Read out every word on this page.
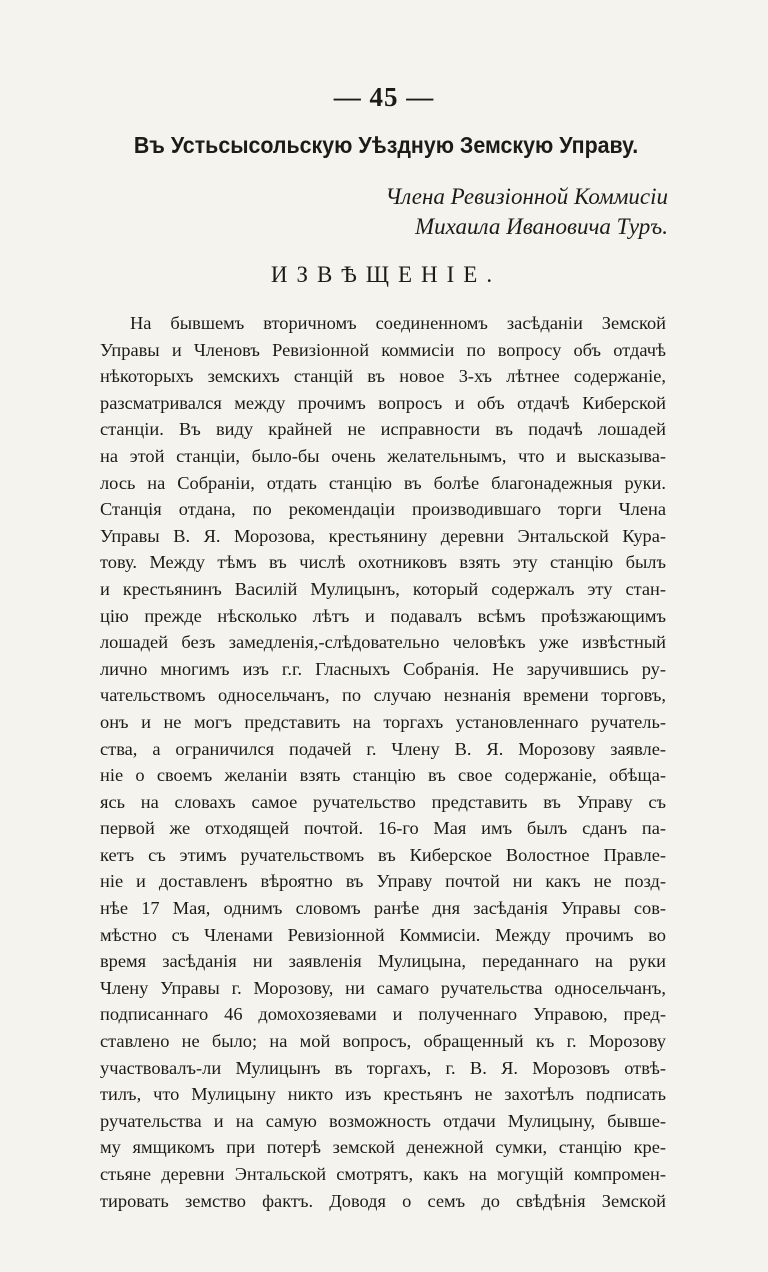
— 45 —
Въ Устьсысольскую Уѣздную Земскую Управу.
Члена Ревизіонной Коммисіи
Михаила Ивановича Туръ.
ИЗВѢЩЕНІЕ.
На бывшемъ вторичномъ соединенномъ засѣданіи Земской
Управы и Членовъ Ревизіонной коммисіи по вопросу объ отдачѣ
нѣкоторыхъ земскихъ станцій въ новое 3-хъ лѣтнее содержаніе,
разсматривался между прочимъ вопросъ и объ отдачѣ Киберской
станціи. Въ виду крайней не исправности въ подачѣ лошадей
на этой станціи, было-бы очень желательнымъ, что и высказыва-
лось на Собраніи, отдать станцію въ болѣе благонадежныя руки.
Станція отдана, по рекомендаціи производившаго торги Члена
Управы В. Я. Морозова, крестьянину деревни Энтальской Кура-
тову. Между тѣмъ въ числѣ охотниковъ взять эту станцію былъ
и крестьянинъ Василій Мулицынъ, который содержалъ эту стан-
цію прежде нѣсколько лѣтъ и подавалъ всѣмъ проѣзжающимъ
лошадей безъ замедленія,-слѣдовательно человѣкъ уже извѣстный
лично многимъ изъ г.г. Гласныхъ Собранія. Не заручившись ру-
чательствомъ односельчанъ, по случаю незнанія времени торговъ,
онъ и не могъ представить на торгахъ установленнаго ручатель-
ства, а ограничился подачей г. Члену В. Я. Морозову заявле-
ніе о своемъ желаніи взять станцію въ свое содержаніе, обѣща-
ясь на словахъ самое ручательство представить въ Управу съ
первой же отходящей почтой. 16-го Мая имъ былъ сданъ па-
кетъ съ этимъ ручательствомъ въ Киберское Волостное Правле-
ніе и доставленъ вѣроятно въ Управу почтой ни какъ не позд-
нѣе 17 Мая, однимъ словомъ ранѣе дня засѣданія Управы сов-
мѣстно съ Членами Ревизіонной Коммисіи. Между прочимъ во
время засѣданія ни заявленія Мулицына, переданнаго на руки
Члену Управы г. Морозову, ни самаго ручательства односельчанъ,
подписаннаго 46 домохозяевами и полученнаго Управою, пред-
ставлено не было; на мой вопросъ, обращенный къ г. Морозову
участвовалъ-ли Мулицынъ въ торгахъ, г. В. Я. Морозовъ отвѣ-
тилъ, что Мулицыну никто изъ крестьянъ не захотѣлъ подписать
ручательства и на самую возможность отдачи Мулицыну, бывше-
му ямщикомъ при потерѣ земской денежной сумки, станцію кре-
стьяне деревни Энтальской смотрятъ, какъ на могущій компромен-
тировать земство фактъ. Доводя о семъ до свѣдѣнія Земской
